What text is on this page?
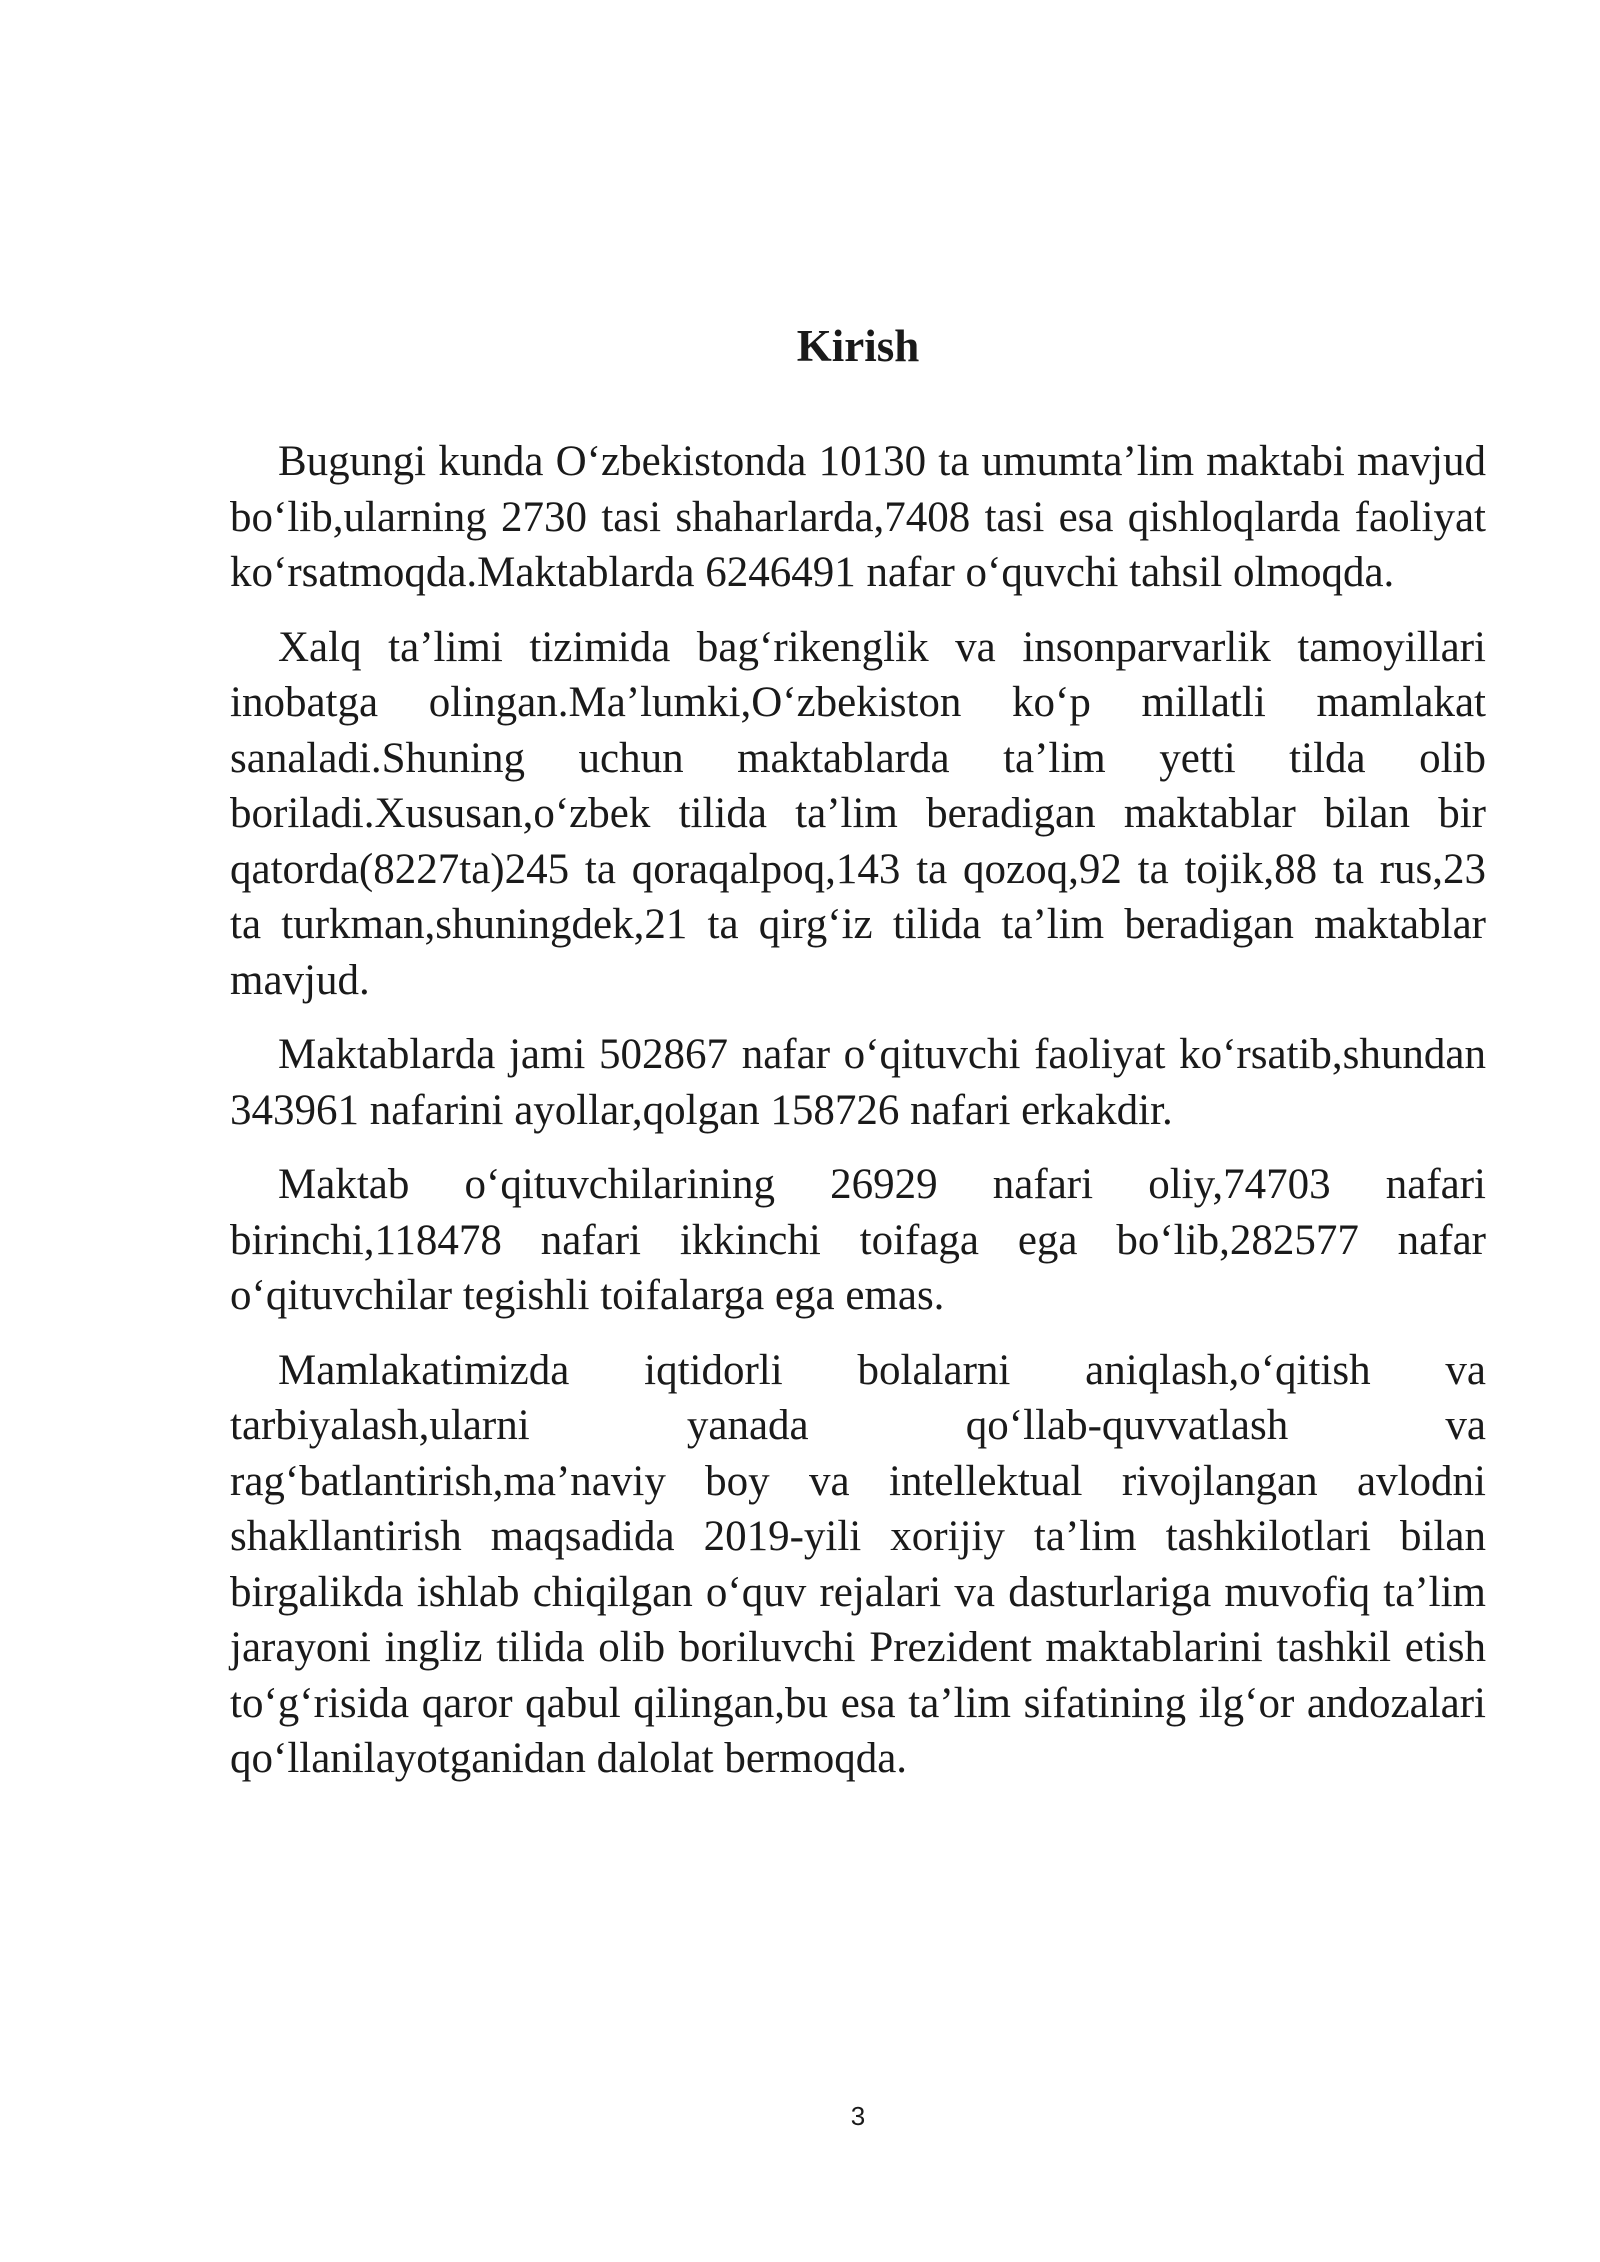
Kirish

Bugungi kunda O‘zbekistonda 10130 ta umumta’lim maktabi mavjud bo‘lib,ularning 2730 tasi shaharlarda,7408 tasi esa qishloqlarda faoliyat ko‘rsatmoqda.Maktablarda 6246491 nafar o‘quvchi tahsil olmoqda.

Xalq ta’limi tizimida bag‘rikenglik va insonparvarlik tamoyillari inobatga olingan.Ma’lumki,O‘zbekiston ko‘p millatli mamlakat sanaladi.Shuning uchun maktablarda ta’lim yetti tilda olib boriladi.Xususan,o‘zbek tilida ta’lim beradigan maktablar bilan bir qatorda(8227ta)245 ta qoraqalpoq,143 ta qozoq,92 ta tojik,88 ta rus,23 ta turkman,shuningdek,21 ta qirg‘iz tilida ta’lim beradigan maktablar mavjud.

Maktablarda jami 502867 nafar o‘qituvchi faoliyat ko‘rsatib,shundan 343961 nafarini ayollar,qolgan 158726 nafari erkakdir.

Maktab o‘qituvchilarining 26929 nafari oliy,74703 nafari birinchi,118478 nafari ikkinchi toifaga ega bo‘lib,282577 nafar o‘qituvchilar tegishli toifalarga ega emas.

Mamlakatimizda iqtidorli bolalarni aniqlash,o‘qitish va tarbiyalash,ularni yanada qo‘llab-quvvatlash va rag‘batlantirish,ma’naviy boy va intellektual rivojlangan avlodni shakllantirish maqsadida 2019-yili xorijiy ta’lim tashkilotlari bilan birgalikda ishlab chiqilgan o‘quv rejalari va dasturlariga muvofiq ta’lim jarayoni ingliz tilida olib boriluvchi Prezident maktablarini tashkil etish to‘g‘risida qaror qabul qilingan,bu esa ta’lim sifatining ilg‘or andozalari qo‘llanilayotganidan dalolat bermoqda.

3
